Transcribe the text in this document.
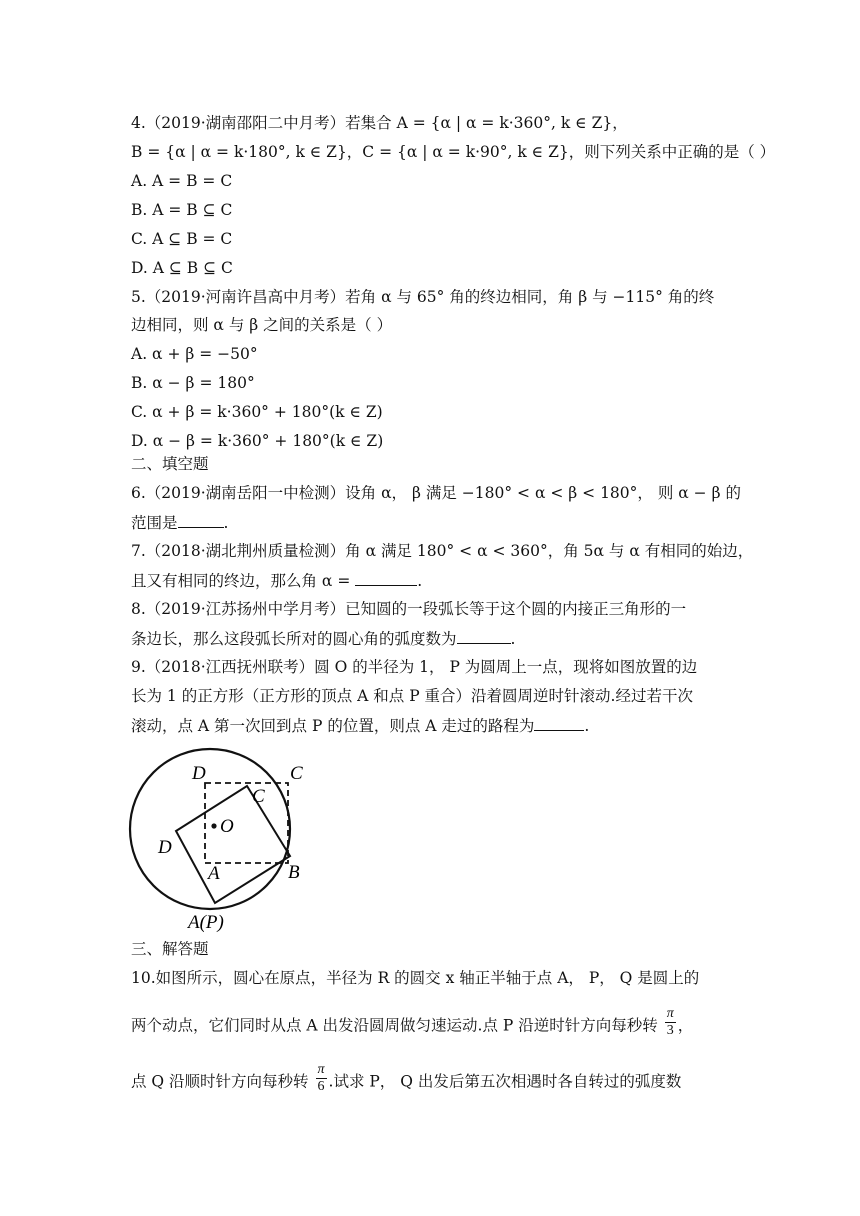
4.（2019·湖南邵阳二中月考）若集合 A = {α | α = k·360°, k ∈ Z}，
B = {α | α = k·180°, k ∈ Z}，C = {α | α = k·90°, k ∈ Z}，则下列关系中正确的是（ ）
A. A = B = C
B. A = B ⊆ C
C. A ⊆ B = C
D. A ⊆ B ⊆ C
5.（2019·河南许昌高中月考）若角 α 与 65° 角的终边相同，角 β 与 −115° 角的终
边相同，则 α 与 β 之间的关系是（ ）
A. α + β = −50°
B. α − β = 180°
C. α + β = k·360° + 180°(k ∈ Z)
D. α − β = k·360° + 180°(k ∈ Z)
二、填空题
6.（2019·湖南岳阳一中检测）设角 α， β 满足 −180° < α < β < 180°， 则 α − β 的
范围是	.
7.（2018·湖北荆州质量检测）角 α 满足 180° < α < 360°，角 5α 与 α 有相同的始边，
且又有相同的终边，那么角 α =	.
8.（2019·江苏扬州中学月考）已知圆的一段弧长等于这个圆的内接正三角形的一
条边长，那么这段弧长所对的圆心角的弧度数为	.
9.（2018·江西抚州联考）圆 O 的半径为 1， P 为圆周上一点，现将如图放置的边
长为 1 的正方形（正方形的顶点 A 和点 P 重合）沿着圆周逆时针滚动.经过若干次
滚动，点 A 第一次回到点 P 的位置，则点 A 走过的路程为	.
D	C
C
O
D
A	B
A(P)
三、解答题
10.如图所示，圆心在原点，半径为 R 的圆交 x 轴正半轴于点 A， P， Q 是圆上的
两个动点，它们同时从点 A 出发沿圆周做匀速运动.点 P 沿逆时针方向每秒转 $\frac{\pi}{3}$ ，
点 Q 沿顺时针方向每秒转 $\frac{\pi}{6}$ .试求 P， Q 出发后第五次相遇时各自转过的弧度数
